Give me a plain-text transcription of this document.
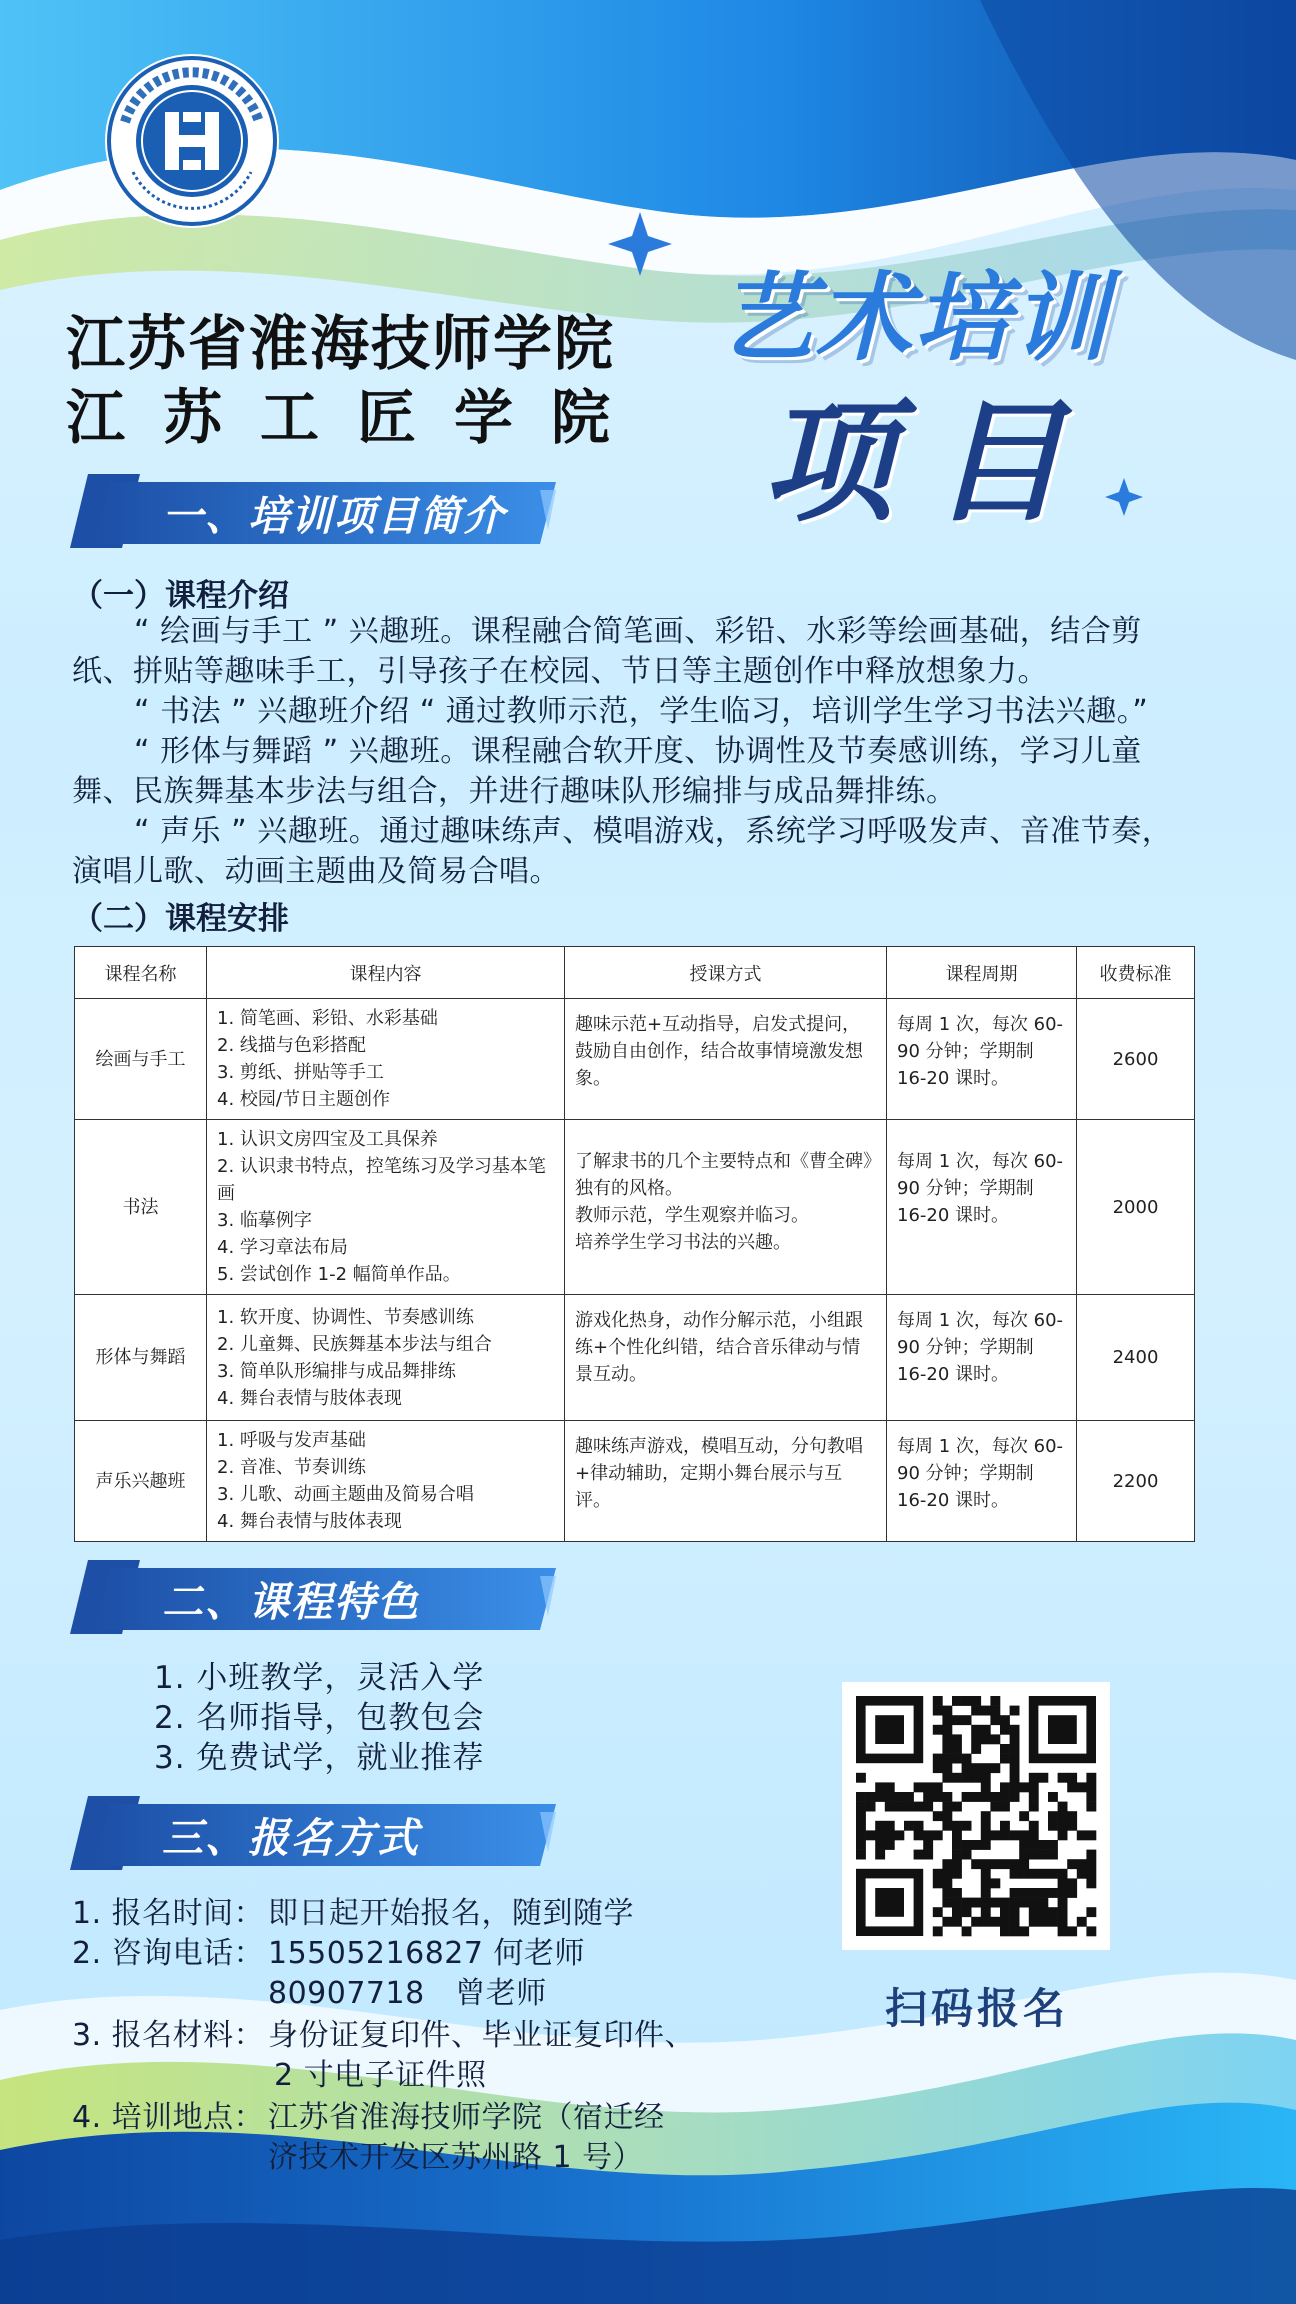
江苏省淮海技师学院
江苏工匠学院
艺术培训
项目
一、培训项目简介
（一）课程介绍
“ 绘画与手工 ” 兴趣班。课程融合简笔画、彩铅、水彩等绘画基础，结合剪纸、拼贴等趣味手工，引导孩子在校园、节日等主题创作中释放想象力。
“ 书法 ” 兴趣班介绍 “ 通过教师示范，学生临习，培训学生学习书法兴趣。”
“ 形体与舞蹈 ” 兴趣班。课程融合软开度、协调性及节奏感训练，学习儿童舞、民族舞基本步法与组合，并进行趣味队形编排与成品舞排练。
“ 声乐 ” 兴趣班。通过趣味练声、模唱游戏，系统学习呼吸发声、音准节奏，演唱儿歌、动画主题曲及简易合唱。
（二）课程安排
课程名称	课程内容	授课方式	课程周期	收费标准
绘画与手工	1. 简笔画、彩铅、水彩基础
2. 线描与色彩搭配
3. 剪纸、拼贴等手工
4. 校园/节日主题创作	趣味示范+互动指导，启发式提问，鼓励自由创作，结合故事情境激发想象。	每周 1 次，每次 60-90 分钟；学期制 16-20 课时。	2600
书法	1. 认识文房四宝及工具保养
2. 认识隶书特点，控笔练习及学习基本笔画
3. 临摹例字
4. 学习章法布局
5. 尝试创作 1-2 幅简单作品。	了解隶书的几个主要特点和《曹全碑》独有的风格。
教师示范，学生观察并临习。
培养学生学习书法的兴趣。	每周 1 次，每次 60-90 分钟；学期制 16-20 课时。	2000
形体与舞蹈	1. 软开度、协调性、节奏感训练
2. 儿童舞、民族舞基本步法与组合
3. 简单队形编排与成品舞排练
4. 舞台表情与肢体表现	游戏化热身，动作分解示范，小组跟练+个性化纠错，结合音乐律动与情景互动。	每周 1 次，每次 60-90 分钟；学期制 16-20 课时。	2400
声乐兴趣班	1. 呼吸与发声基础
2. 音准、节奏训练
3. 儿歌、动画主题曲及简易合唱
4. 舞台表情与肢体表现	趣味练声游戏，模唱互动，分句教唱+律动辅助，定期小舞台展示与互评。	每周 1 次，每次 60-90 分钟；学期制 16-20 课时。	2200
二、课程特色
1. 小班教学，灵活入学
2. 名师指导，包教包会
3. 免费试学，就业推荐
三、报名方式
1. 报名时间： 即日起开始报名，随到随学
2. 咨询电话： 15505216827 何老师
80907718　曾老师
3. 报名材料： 身份证复印件、毕业证复印件、
2 寸电子证件照
4. 培训地点： 江苏省淮海技师学院（宿迁经
济技术开发区苏州路 1 号）
扫码报名
